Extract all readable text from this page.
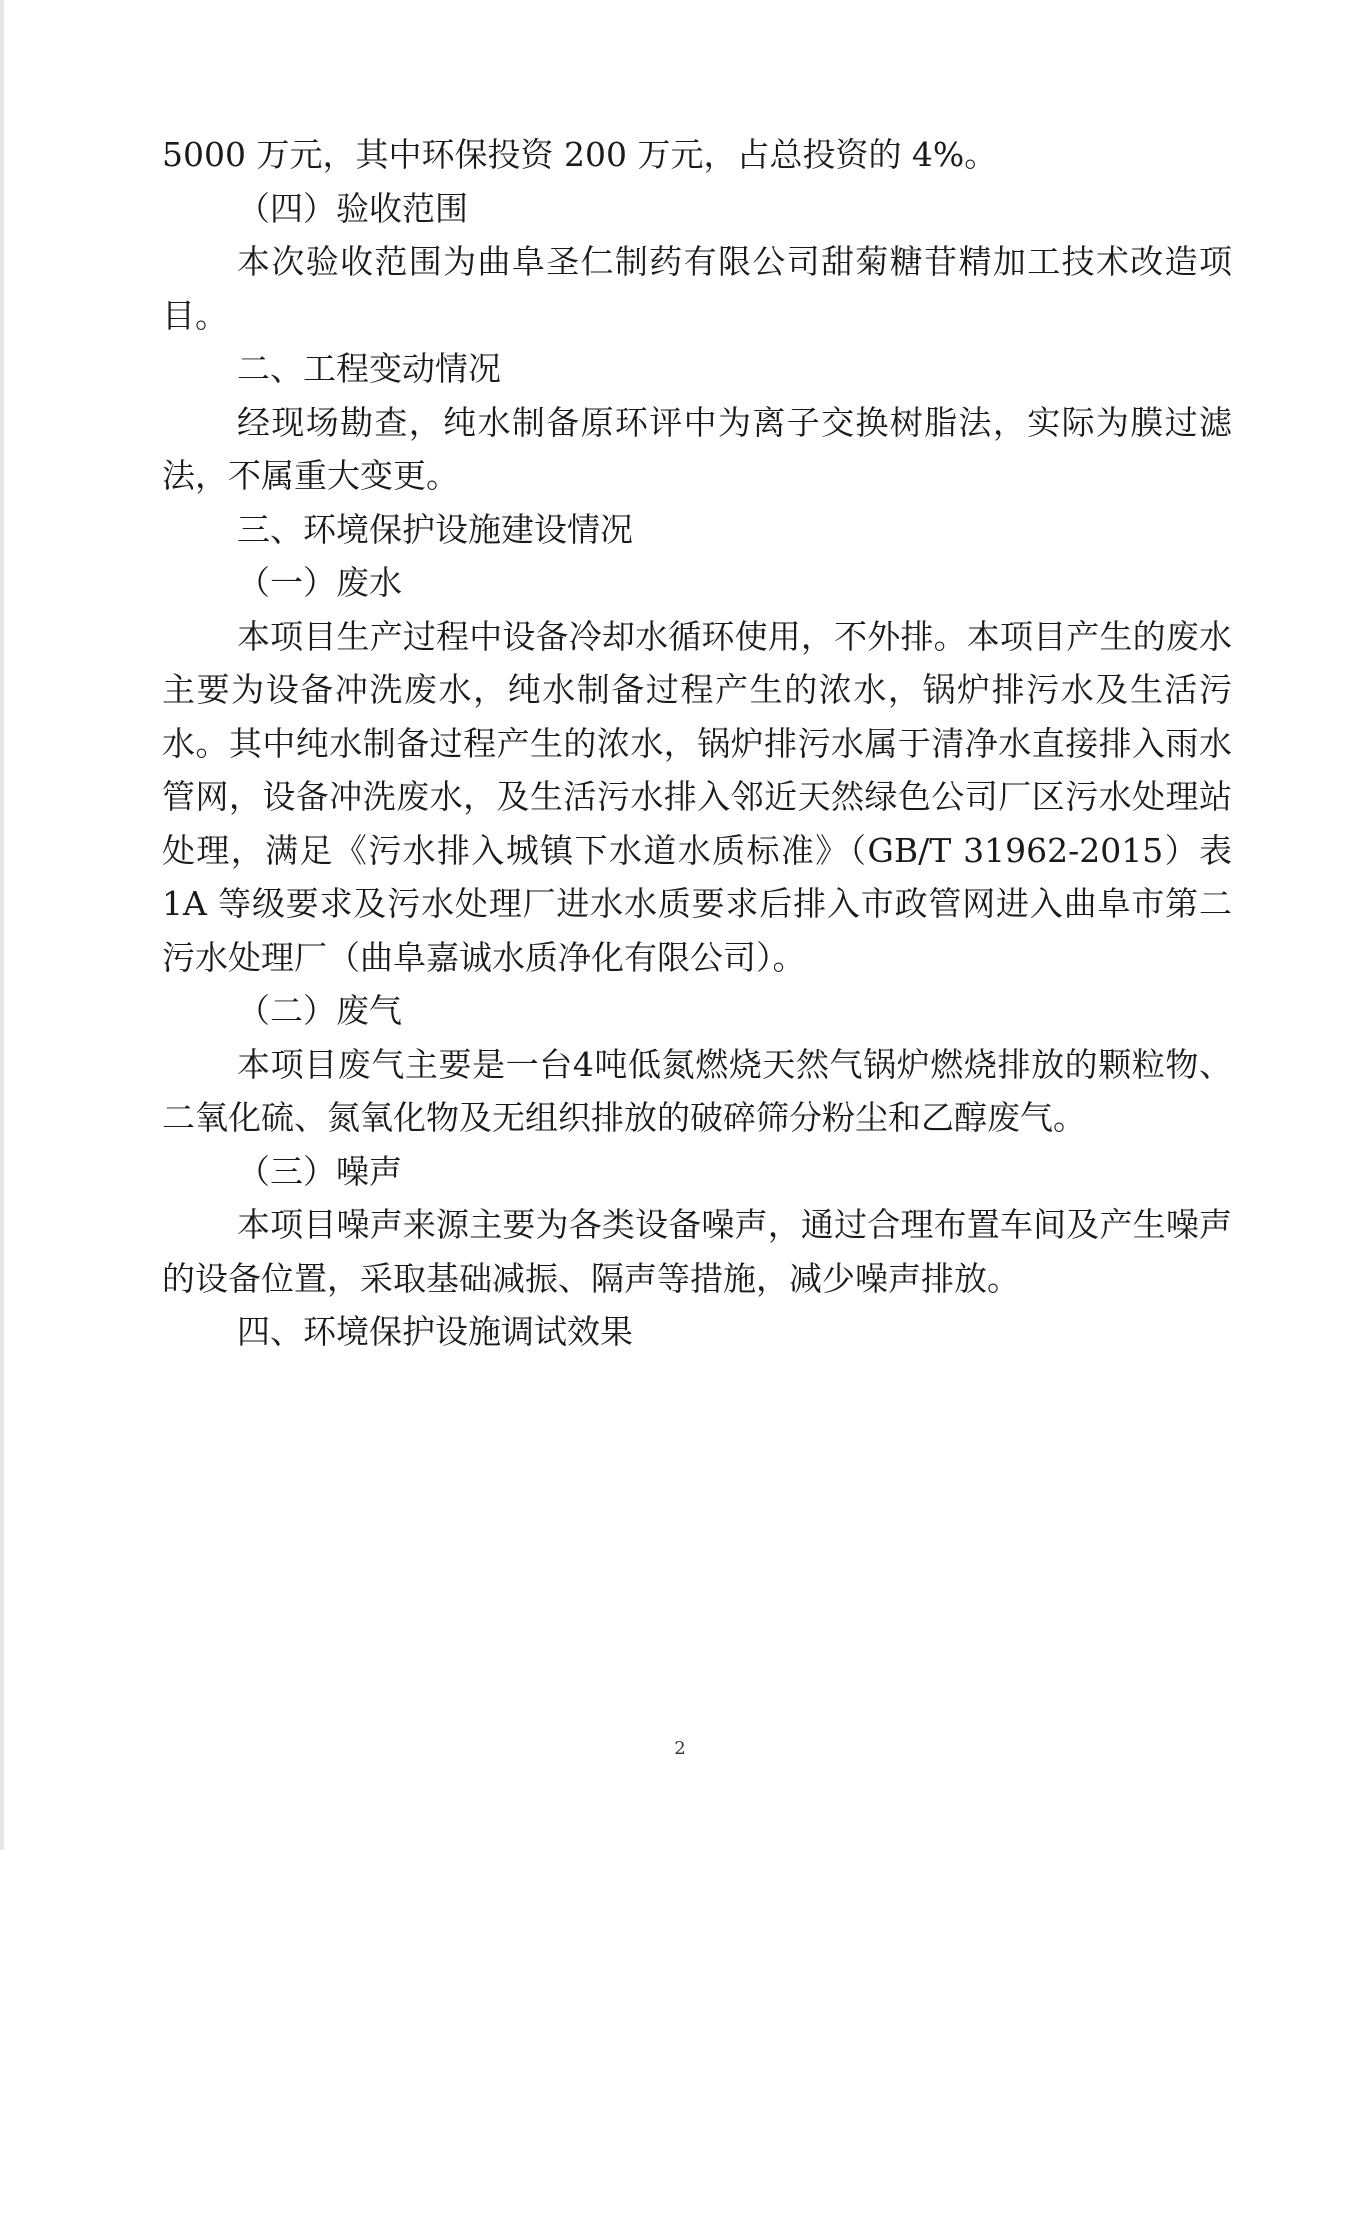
5000 万元，其中环保投资 200 万元，占总投资的 4%。

（四）验收范围

本次验收范围为曲阜圣仁制药有限公司甜菊糖苷精加工技术改造项目。

二、工程变动情况

经现场勘查，纯水制备原环评中为离子交换树脂法，实际为膜过滤法，不属重大变更。

三、环境保护设施建设情况

（一）废水

本项目生产过程中设备冷却水循环使用，不外排。本项目产生的废水主要为设备冲洗废水，纯水制备过程产生的浓水，锅炉排污水及生活污水。其中纯水制备过程产生的浓水，锅炉排污水属于清净水直接排入雨水管网，设备冲洗废水，及生活污水排入邻近天然绿色公司厂区污水处理站处理，满足《污水排入城镇下水道水质标准》（GB/T 31962-2015）表 1A 等级要求及污水处理厂进水水质要求后排入市政管网进入曲阜市第二污水处理厂（曲阜嘉诚水质净化有限公司）。

（二）废气

本项目废气主要是一台4吨低氮燃烧天然气锅炉燃烧排放的颗粒物、二氧化硫、氮氧化物及无组织排放的破碎筛分粉尘和乙醇废气。

（三）噪声

本项目噪声来源主要为各类设备噪声，通过合理布置车间及产生噪声的设备位置，采取基础减振、隔声等措施，减少噪声排放。

四、环境保护设施调试效果

2
